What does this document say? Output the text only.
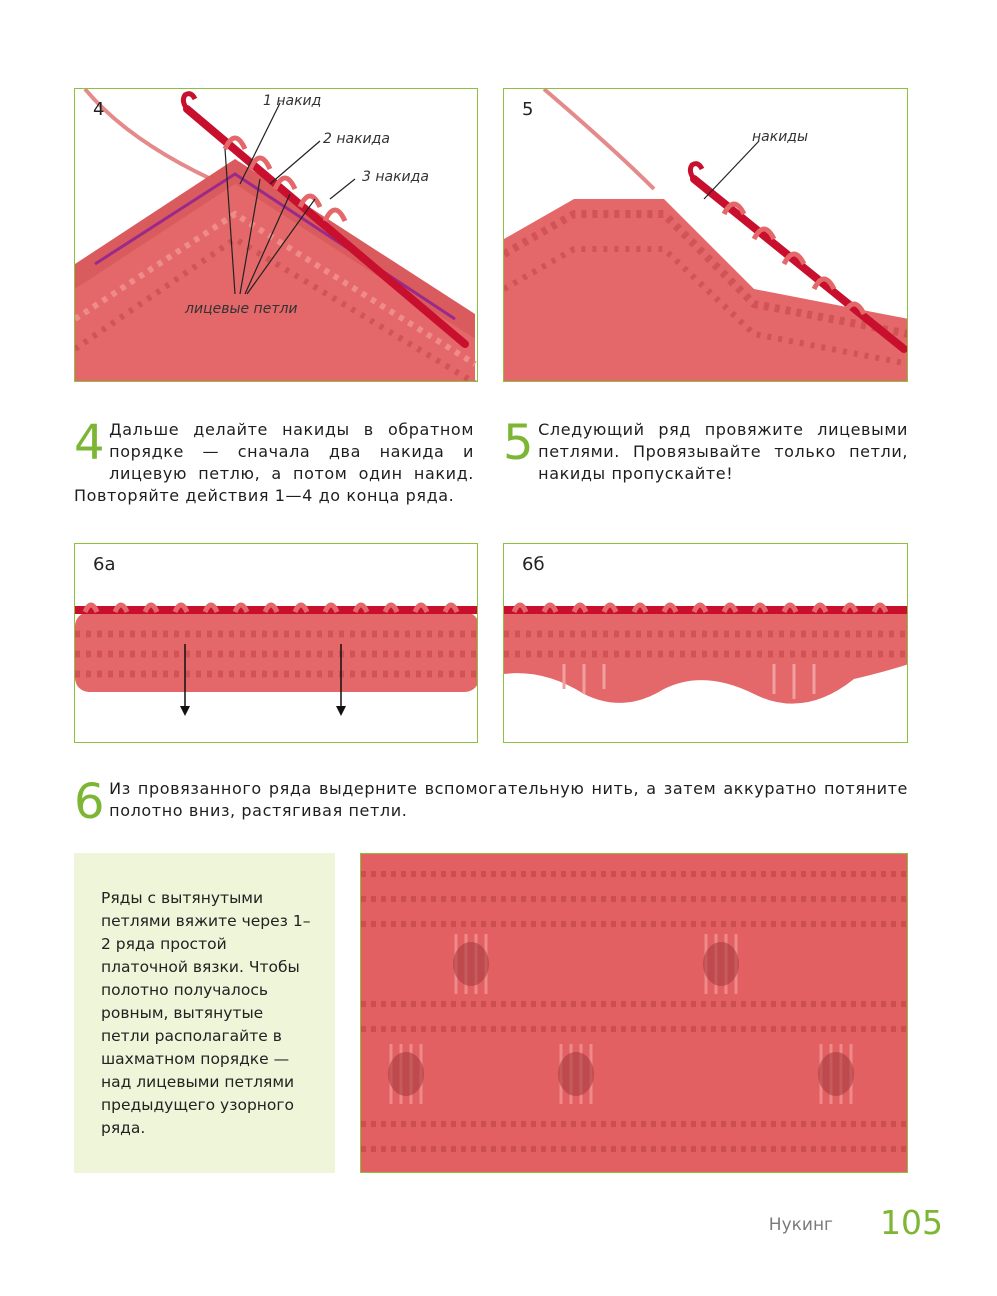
4	1 накид
2 накида
3 накида
лицевые петли
5
накиды
4 Дальше делайте накиды в обратном порядке — сначала два накида и лицевую петлю, а потом один накид. Повторяйте действия 1—4 до конца ряда.
5 Следующий ряд провяжите лицевыми петлями. Провязывайте только петли, накиды пропускайте!
6а	6б
6 Из провязанного ряда выдерните вспомогательную нить, а затем аккуратно потяните полотно вниз, растягивая петли.
Ряды с вытянутыми петлями вяжите через 1–2 ряда простой платочной вязки. Чтобы полотно получалось ровным, вытянутые петли располагайте в шахматном порядке — над лицевыми петлями предыдущего узорного ряда.
Нукинг 105
